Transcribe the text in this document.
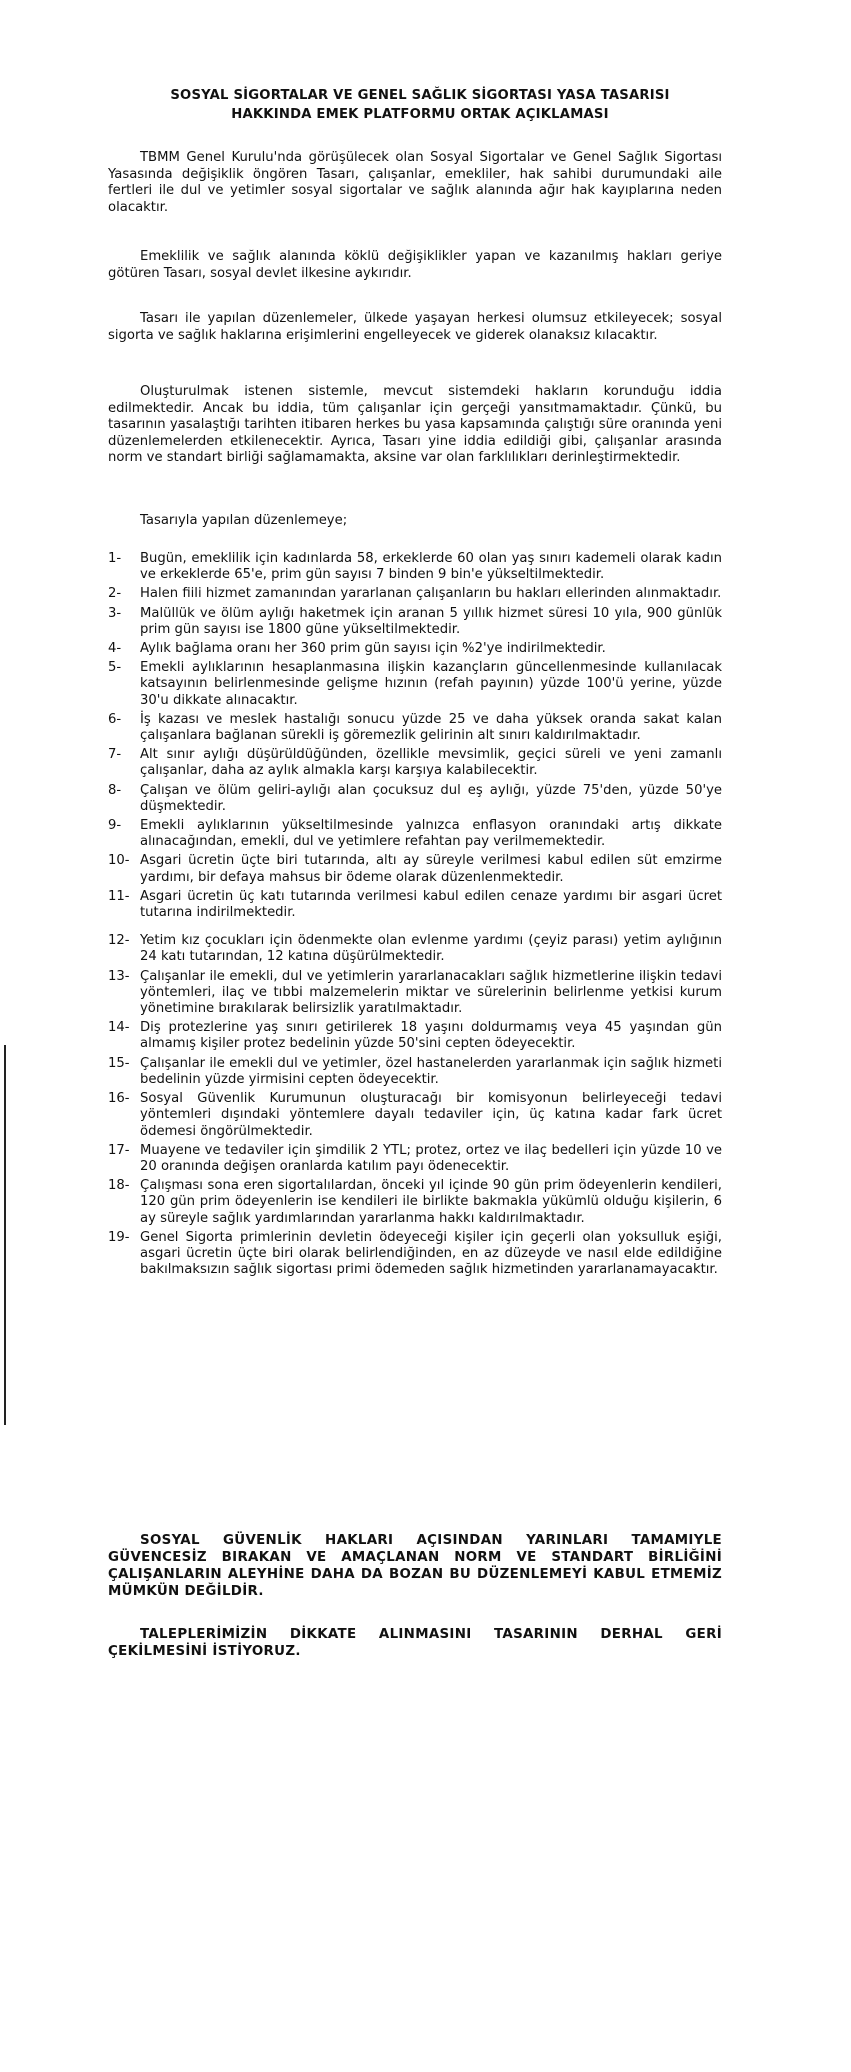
SOSYAL SİGORTALAR VE GENEL SAĞLIK SİGORTASI YASA TASARISI
HAKKINDA EMEK PLATFORMU ORTAK AÇIKLAMASI

TBMM Genel Kurulu'nda görüşülecek olan Sosyal Sigortalar ve Genel Sağlık Sigortası Yasasında değişiklik öngören Tasarı, çalışanlar, emekliler, hak sahibi durumundaki aile fertleri ile dul ve yetimler sosyal sigortalar ve sağlık alanında ağır hak kayıplarına neden olacaktır.

Emeklilik ve sağlık alanında köklü değişiklikler yapan ve kazanılmış hakları geriye götüren Tasarı, sosyal devlet ilkesine aykırıdır.

Tasarı ile yapılan düzenlemeler, ülkede yaşayan herkesi olumsuz etkileyecek; sosyal sigorta ve sağlık haklarına erişimlerini engelleyecek ve giderek olanaksız kılacaktır.

Oluşturulmak istenen sistemle, mevcut sistemdeki hakların korunduğu iddia edilmektedir. Ancak bu iddia, tüm çalışanlar için gerçeği yansıtmamaktadır. Çünkü, bu tasarının yasalaştığı tarihten itibaren herkes bu yasa kapsamında çalıştığı süre oranında yeni düzenlemelerden etkilenecektir. Ayrıca, Tasarı yine iddia edildiği gibi, çalışanlar arasında norm ve standart birliği sağlamamakta, aksine var olan farklılıkları derinleştirmektedir.

Tasarıyla yapılan düzenlemeye;

1-	Bugün, emeklilik için kadınlarda 58, erkeklerde 60 olan yaş sınırı kademeli olarak kadın ve erkeklerde 65'e, prim gün sayısı 7 binden 9 bin'e yükseltilmektedir.
2-	Halen fiili hizmet zamanından yararlanan çalışanların bu hakları ellerinden alınmaktadır.
3-	Malüllük ve ölüm aylığı haketmek için aranan 5 yıllık hizmet süresi 10 yıla, 900 günlük prim gün sayısı ise 1800 güne yükseltilmektedir.
4-	Aylık bağlama oranı her 360 prim gün sayısı için %2'ye indirilmektedir.
5-	Emekli aylıklarının hesaplanmasına ilişkin kazançların güncellenmesinde kullanılacak katsayının belirlenmesinde gelişme hızının (refah payının) yüzde 100'ü yerine, yüzde 30'u dikkate alınacaktır.
6-	İş kazası ve meslek hastalığı sonucu yüzde 25 ve daha yüksek oranda sakat kalan çalışanlara bağlanan sürekli iş göremezlik gelirinin alt sınırı kaldırılmaktadır.
7-	Alt sınır aylığı düşürüldüğünden, özellikle mevsimlik, geçici süreli ve yeni zamanlı çalışanlar, daha az aylık almakla karşı karşıya kalabilecektir.
8-	Çalışan ve ölüm geliri-aylığı alan çocuksuz dul eş aylığı, yüzde 75'den, yüzde 50'ye düşmektedir.
9-	Emekli aylıklarının yükseltilmesinde yalnızca enflasyon oranındaki artış dikkate alınacağından, emekli, dul ve yetimlere refahtan pay verilmemektedir.
10- Asgari ücretin üçte biri tutarında, altı ay süreyle verilmesi kabul edilen süt emzirme yardımı, bir defaya mahsus bir ödeme olarak düzenlenmektedir.
11- Asgari ücretin üç katı tutarında verilmesi kabul edilen cenaze yardımı bir asgari ücret tutarına indirilmektedir.
12- Yetim kız çocukları için ödenmekte olan evlenme yardımı (çeyiz parası) yetim aylığının 24 katı tutarından, 12 katına düşürülmektedir.
13- Çalışanlar ile emekli, dul ve yetimlerin yararlanacakları sağlık hizmetlerine ilişkin tedavi yöntemleri, ilaç ve tıbbi malzemelerin miktar ve sürelerinin belirlenme yetkisi kurum yönetimine bırakılarak belirsizlik yaratılmaktadır.
14- Diş protezlerine yaş sınırı getirilerek 18 yaşını doldurmamış veya 45 yaşından gün almamış kişiler protez bedelinin yüzde 50'sini cepten ödeyecektir.
15- Çalışanlar ile emekli dul ve yetimler, özel hastanelerden yararlanmak için sağlık hizmeti bedelinin yüzde yirmisini cepten ödeyecektir.
16- Sosyal Güvenlik Kurumunun oluşturacağı bir komisyonun belirleyeceği tedavi yöntemleri dışındaki yöntemlere dayalı tedaviler için, üç katına kadar fark ücret ödemesi öngörülmektedir.
17- Muayene ve tedaviler için şimdilik 2 YTL; protez, ortez ve ilaç bedelleri için yüzde 10 ve 20 oranında değişen oranlarda katılım payı ödenecektir.
18- Çalışması sona eren sigortalılardan, önceki yıl içinde 90 gün prim ödeyenlerin kendileri, 120 gün prim ödeyenlerin ise kendileri ile birlikte bakmakla yükümlü olduğu kişilerin, 6 ay süreyle sağlık yardımlarından yararlanma hakkı kaldırılmaktadır.
19- Genel Sigorta primlerinin devletin ödeyeceği kişiler için geçerli olan yoksulluk eşiği, asgari ücretin üçte biri olarak belirlendiğinden, en az düzeyde ve nasıl elde edildiğine bakılmaksızın sağlık sigortası primi ödemeden sağlık hizmetinden yararlanamayacaktır.

SOSYAL GÜVENLİK HAKLARI AÇISINDAN YARINLARI TAMAMIYLE GÜVENCESİZ BIRAKAN VE AMAÇLANAN NORM VE STANDART BİRLİĞİNİ ÇALIŞANLARIN ALEYHİNE DAHA DA BOZAN BU DÜZENLEMEYİ KABUL ETMEMİZ MÜMKÜN DEĞİLDİR.

TALEPLERİMİZİN DİKKATE ALINMASINI TASARININ DERHAL GERİ ÇEKİLMESİNİ İSTİYORUZ.
